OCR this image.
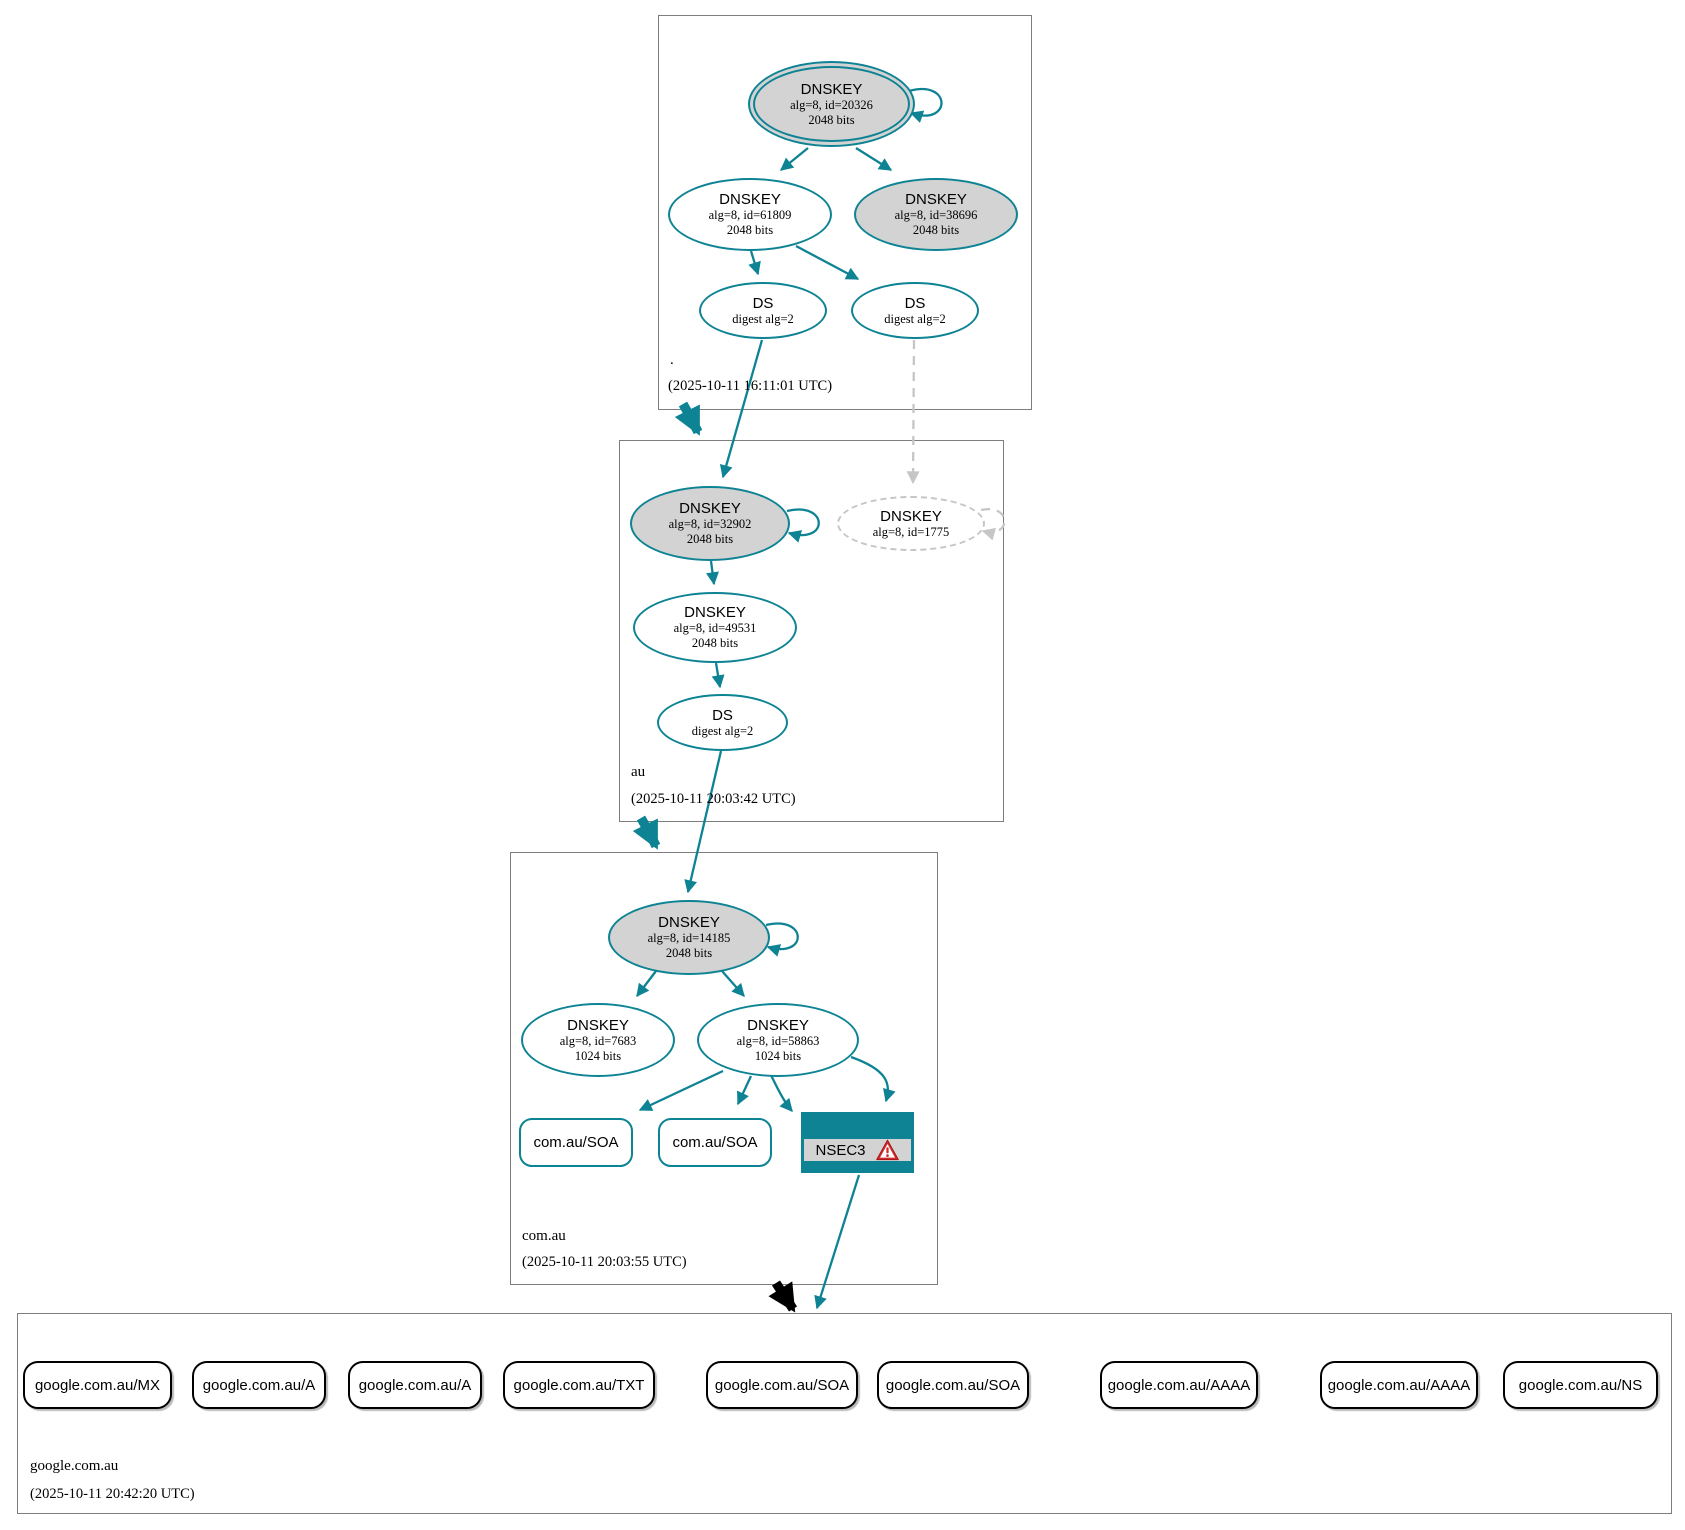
DNSKEY
alg=8, id=20326
2048 bits
DNSKEY
alg=8, id=61809
2048 bits
DNSKEY
alg=8, id=38696
2048 bits
DS
digest alg=2
DS
digest alg=2
.
(2025-10-11 16:11:01 UTC)
DNSKEY
alg=8, id=32902
2048 bits
DNSKEY
alg=8, id=1775
DNSKEY
alg=8, id=49531
2048 bits
DS
digest alg=2
au
(2025-10-11 20:03:42 UTC)
DNSKEY
alg=8, id=14185
2048 bits
DNSKEY
alg=8, id=7683
1024 bits
DNSKEY
alg=8, id=58863
1024 bits
com.au/SOA	com.au/SOA	NSEC3
com.au
(2025-10-11 20:03:55 UTC)
google.com.au/MX	google.com.au/A	google.com.au/A	google.com.au/TXT	google.com.au/SOA	google.com.au/SOA	google.com.au/AAAA	google.com.au/AAAA	google.com.au/NS
google.com.au
(2025-10-11 20:42:20 UTC)
